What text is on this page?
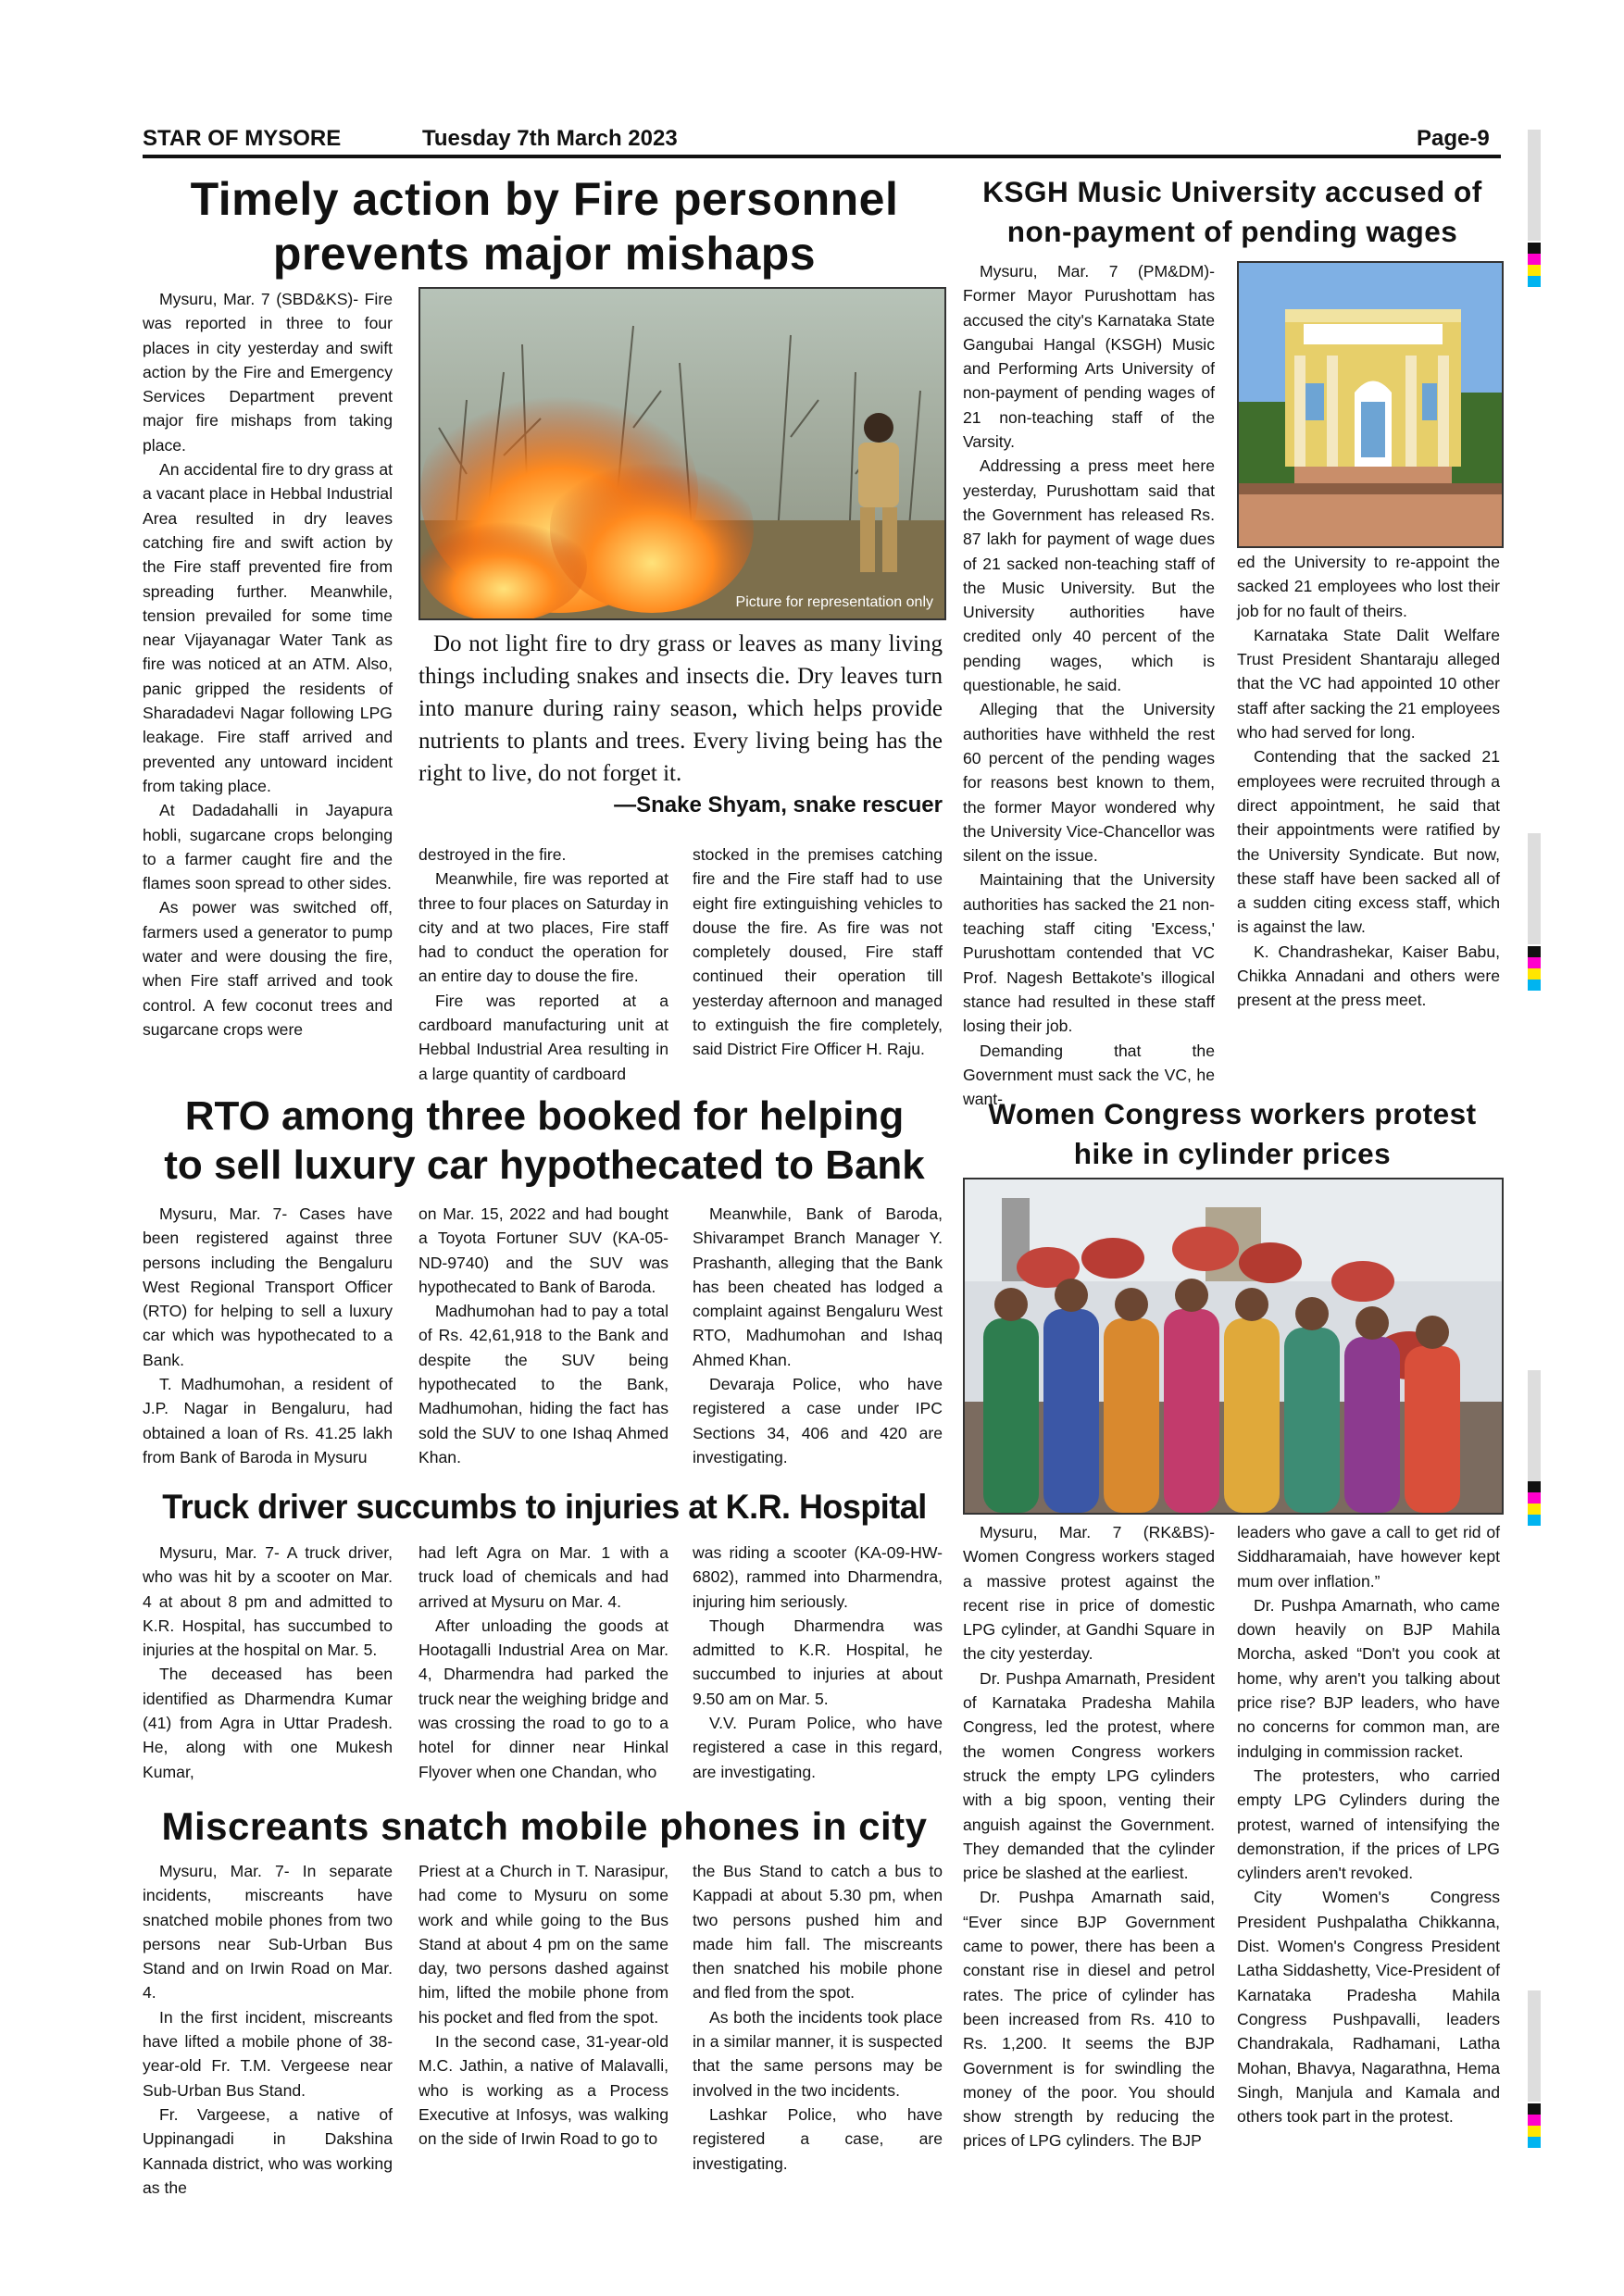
STAR OF MYSORE	Tuesday 7th March 2023	Page-9
Timely action by Fire personnel
prevents major mishaps

Mysuru, Mar. 7 (SBD&KS)- Fire was reported in three to four places in city yesterday and swift action by the Fire and Emergency Services Department prevent major fire mishaps from taking place.

An accidental fire to dry grass at a vacant place in Hebbal Industrial Area resulted in dry leaves catching fire and swift action by the Fire staff prevented fire from spreading further. Meanwhile, tension prevailed for some time near Vijayanagar Water Tank as fire was noticed at an ATM. Also, panic gripped the residents of Sharadadevi Nagar following LPG leakage. Fire staff arrived and prevented any untoward incident from taking place.

At Dadadahalli in Jayapura hobli, sugarcane crops belonging to a farmer caught fire and the flames soon spread to other sides.

As power was switched off, farmers used a generator to pump water and were dousing the fire, when Fire staff arrived and took control. A few coconut trees and sugarcane crops were

Picture for representation only

Do not light fire to dry grass or leaves as many living things including snakes and insects die. Dry leaves turn into manure during rainy season, which helps provide nutrients to plants and trees. Every living being has the right to live, do not forget it.

—Snake Shyam, snake rescuer

destroyed in the fire.

Meanwhile, fire was reported at three to four places on Saturday in city and at two places, Fire staff had to conduct the operation for an entire day to douse the fire.

Fire was reported at a cardboard manufacturing unit at Hebbal Industrial Area resulting in a large quantity of cardboard

stocked in the premises catching fire and the Fire staff had to use eight fire extinguishing vehicles to douse the fire. As fire was not completely doused, Fire staff continued their operation till yesterday afternoon and managed to extinguish the fire completely, said District Fire Officer H. Raju.

KSGH Music University accused of
non-payment of pending wages

Mysuru, Mar. 7 (PM&DM)- Former Mayor Purushottam has accused the city's Karnataka State Gangubai Hangal (KSGH) Music and Performing Arts University of non-payment of pending wages of 21 non-teaching staff of the Varsity.

Addressing a press meet here yesterday, Purushottam said that the Government has released Rs. 87 lakh for payment of wage dues of 21 sacked non-teaching staff of the Music University. But the University authorities have credited only 40 percent of the pending wages, which is questionable, he said.

Alleging that the University authorities have withheld the rest 60 percent of the pending wages for reasons best known to them, the former Mayor wondered why the University Vice-Chancellor was silent on the issue.

Maintaining that the University authorities has sacked the 21 non-teaching staff citing 'Excess,' Purushottam contended that VC Prof. Nagesh Bettakote's illogical stance had resulted in these staff losing their job.

Demanding that the Government must sack the VC, he want-

ed the University to re-appoint the sacked 21 employees who lost their job for no fault of theirs.

Karnataka State Dalit Welfare Trust President Shantaraju alleged that the VC had appointed 10 other staff after sacking the 21 employees who had served for long.

Contending that the sacked 21 employees were recruited through a direct appointment, he said that their appointments were ratified by the University Syndicate. But now, these staff have been sacked all of a sudden citing excess staff, which is against the law.

K. Chandrashekar, Kaiser Babu, Chikka Annadani and others were present at the press meet.

RTO among three booked for helping
to sell luxury car hypothecated to Bank

Mysuru, Mar. 7- Cases have been registered against three persons including the Bengaluru West Regional Transport Officer (RTO) for helping to sell a luxury car which was hypothecated to a Bank.

T. Madhumohan, a resident of J.P. Nagar in Bengaluru, had obtained a loan of Rs. 41.25 lakh from Bank of Baroda in Mysuru

on Mar. 15, 2022 and had bought a Toyota Fortuner SUV (KA-05-ND-9740) and the SUV was hypothecated to Bank of Baroda.

Madhumohan had to pay a total of Rs. 42,61,918 to the Bank and despite the SUV being hypothecated to the Bank, Madhumohan, hiding the fact has sold the SUV to one Ishaq Ahmed Khan.

Meanwhile, Bank of Baroda, Shivarampet Branch Manager Y. Prashanth, alleging that the Bank has been cheated has lodged a complaint against Bengaluru West RTO, Madhumohan and Ishaq Ahmed Khan.

Devaraja Police, who have registered a case under IPC Sections 34, 406 and 420 are investigating.

Women Congress workers protest
hike in cylinder prices

Mysuru, Mar. 7 (RK&BS)- Women Congress workers staged a massive protest against the recent rise in price of domestic LPG cylinder, at Gandhi Square in the city yesterday.

Dr. Pushpa Amarnath, President of Karnataka Pradesha Mahila Congress, led the protest, where the women Congress workers struck the empty LPG cylinders with a big spoon, venting their anguish against the Government. They demanded that the cylinder price be slashed at the earliest.

Dr. Pushpa Amarnath said, “Ever since BJP Government came to power, there has been a constant rise in diesel and petrol rates. The price of cylinder has been increased from Rs. 410 to Rs. 1,200. It seems the BJP Government is for swindling the money of the poor. You should show strength by reducing the prices of LPG cylinders. The BJP

leaders who gave a call to get rid of Siddharamaiah, have however kept mum over inflation.”

Dr. Pushpa Amarnath, who came down heavily on BJP Mahila Morcha, asked “Don't you cook at home, why aren't you talking about price rise? BJP leaders, who have no concerns for common man, are indulging in commission racket.

The protesters, who carried empty LPG Cylinders during the protest, warned of intensifying the demonstration, if the prices of LPG cylinders aren't revoked.

City Women's Congress President Pushpalatha Chikkanna, Dist. Women's Congress President Latha Siddashetty, Vice-President of Karnataka Pradesha Mahila Congress Pushpavalli, leaders Chandrakala, Radhamani, Latha Mohan, Bhavya, Nagarathna, Hema Singh, Manjula and Kamala and others took part in the protest.

Truck driver succumbs to injuries at K.R. Hospital

Mysuru, Mar. 7- A truck driver, who was hit by a scooter on Mar. 4 at about 8 pm and admitted to K.R. Hospital, has succumbed to injuries at the hospital on Mar. 5.

The deceased has been identified as Dharmendra Kumar (41) from Agra in Uttar Pradesh. He, along with one Mukesh Kumar,

had left Agra on Mar. 1 with a truck load of chemicals and had arrived at Mysuru on Mar. 4.

After unloading the goods at Hootagalli Industrial Area on Mar. 4, Dharmendra had parked the truck near the weighing bridge and was crossing the road to go to a hotel for dinner near Hinkal Flyover when one Chandan, who

was riding a scooter (KA-09-HW-6802), rammed into Dharmendra, injuring him seriously.

Though Dharmendra was admitted to K.R. Hospital, he succumbed to injuries at about 9.50 am on Mar. 5.

V.V. Puram Police, who have registered a case in this regard, are investigating.

Miscreants snatch mobile phones in city

Mysuru, Mar. 7- In separate incidents, miscreants have snatched mobile phones from two persons near Sub-Urban Bus Stand and on Irwin Road on Mar. 4.

In the first incident, miscreants have lifted a mobile phone of 38-year-old Fr. T.M. Vergeese near Sub-Urban Bus Stand.

Fr. Vargeese, a native of Uppinangadi in Dakshina Kannada district, who was working as the

Priest at a Church in T. Narasipur, had come to Mysuru on some work and while going to the Bus Stand at about 4 pm on the same day, two persons dashed against him, lifted the mobile phone from his pocket and fled from the spot.

In the second case, 31-year-old M.C. Jathin, a native of Malavalli, who is working as a Process Executive at Infosys, was walking on the side of Irwin Road to go to

the Bus Stand to catch a bus to Kappadi at about 5.30 pm, when two persons pushed him and made him fall. The miscreants then snatched his mobile phone and fled from the spot.

As both the incidents took place in a similar manner, it is suspected that the same persons may be involved in the two incidents.

Lashkar Police, who have registered a case, are investigating.
